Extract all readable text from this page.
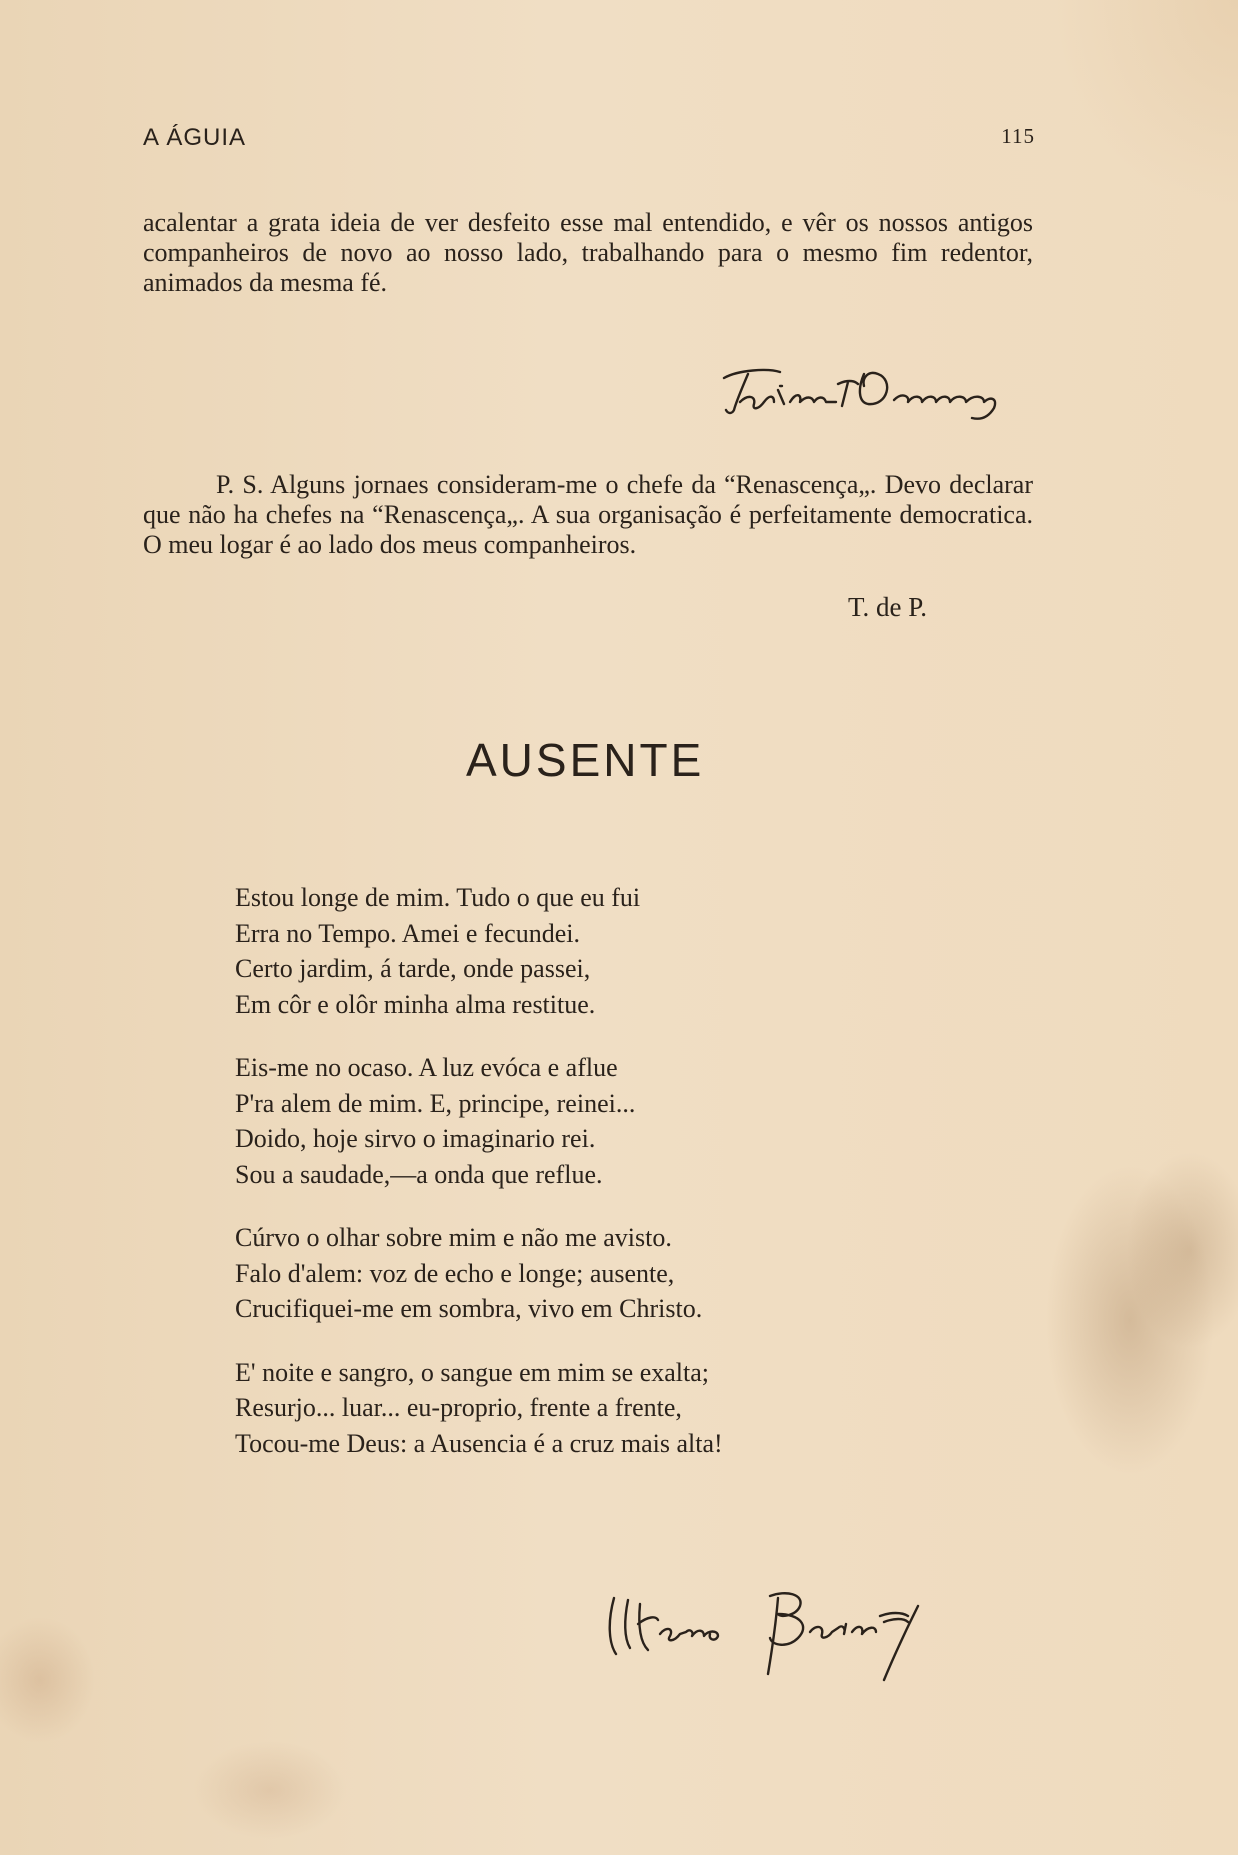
A ÁGUIA	115

acalentar a grata ideia de ver desfeito esse mal entendido, e vêr os nossos antigos companheiros de novo ao nosso lado, trabalhando para o mesmo fim redentor, animados da mesma fé.

P. S. Alguns jornaes consideram-me o chefe da “Renascença„. Devo declarar que não ha chefes na “Renascença„. A sua organisação é perfeitamente democratica. O meu logar é ao lado dos meus companheiros.

T. de P.
AUSENTE
Estou longe de mim. Tudo o que eu fui
Erra no Tempo. Amei e fecundei.
Certo jardim, á tarde, onde passei,
Em côr e olôr minha alma restitue.
Eis-me no ocaso. A luz evóca e aflue
P'ra alem de mim. E, principe, reinei...
Doido, hoje sirvo o imaginario rei.
Sou a saudade,—a onda que reflue.
Cúrvo o olhar sobre mim e não me avisto.
Falo d'alem: voz de echo e longe; ausente,
Crucifiquei-me em sombra, vivo em Christo.
E' noite e sangro, o sangue em mim se exalta;
Resurjo... luar... eu-proprio, frente a frente,
Tocou-me Deus: a Ausencia é a cruz mais alta!
